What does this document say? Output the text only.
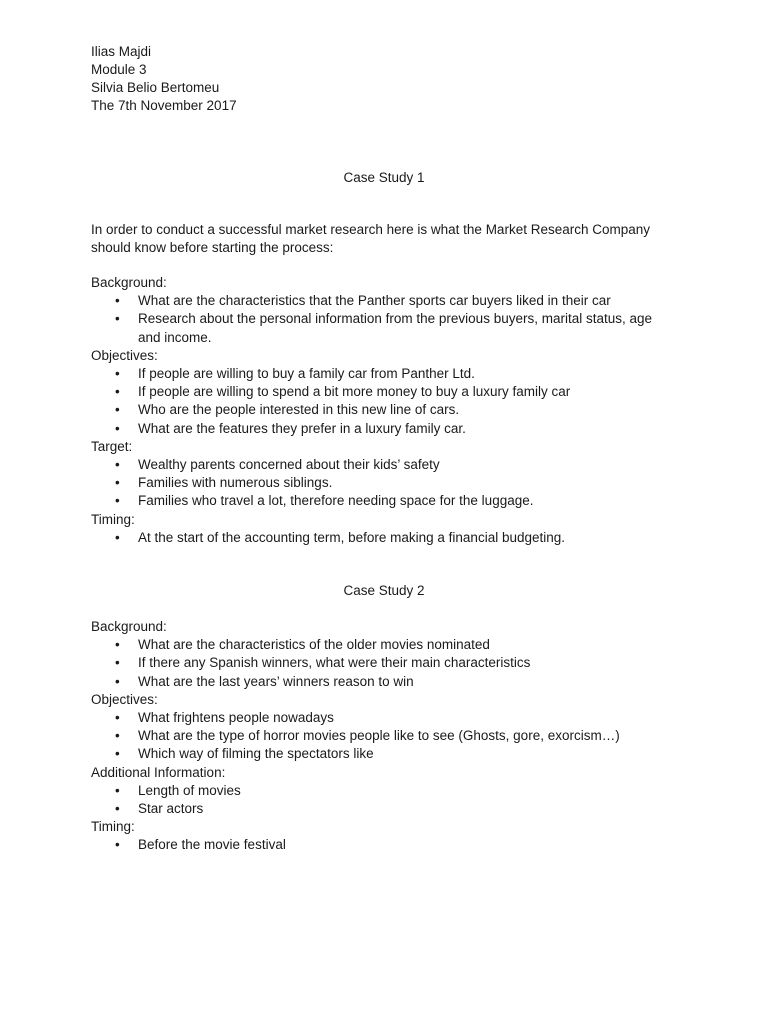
Ilias Majdi
Module 3
Silvia Belio Bertomeu
The 7th November 2017
Case Study 1
In order to conduct a successful market research here is what the Market Research Company should know before starting the process:
Background:
• What are the characteristics that the Panther sports car buyers liked in their car
• Research about the personal information from the previous buyers, marital status, age and income.
Objectives:
• If people are willing to buy a family car from Panther Ltd.
• If people are willing to spend a bit more money to buy a luxury family car
• Who are the people interested in this new line of cars.
• What are the features they prefer in a luxury family car.
Target:
• Wealthy parents concerned about their kids’ safety
• Families with numerous siblings.
• Families who travel a lot, therefore needing space for the luggage.
Timing:
• At the start of the accounting term, before making a financial budgeting.
Case Study 2
Background:
• What are the characteristics of the older movies nominated
• If there any Spanish winners, what were their main characteristics
• What are the last years’ winners reason to win
Objectives:
• What frightens people nowadays
• What are the type of horror movies people like to see (Ghosts, gore, exorcism…)
• Which way of filming the spectators like
Additional Information:
• Length of movies
• Star actors
Timing:
• Before the movie festival
